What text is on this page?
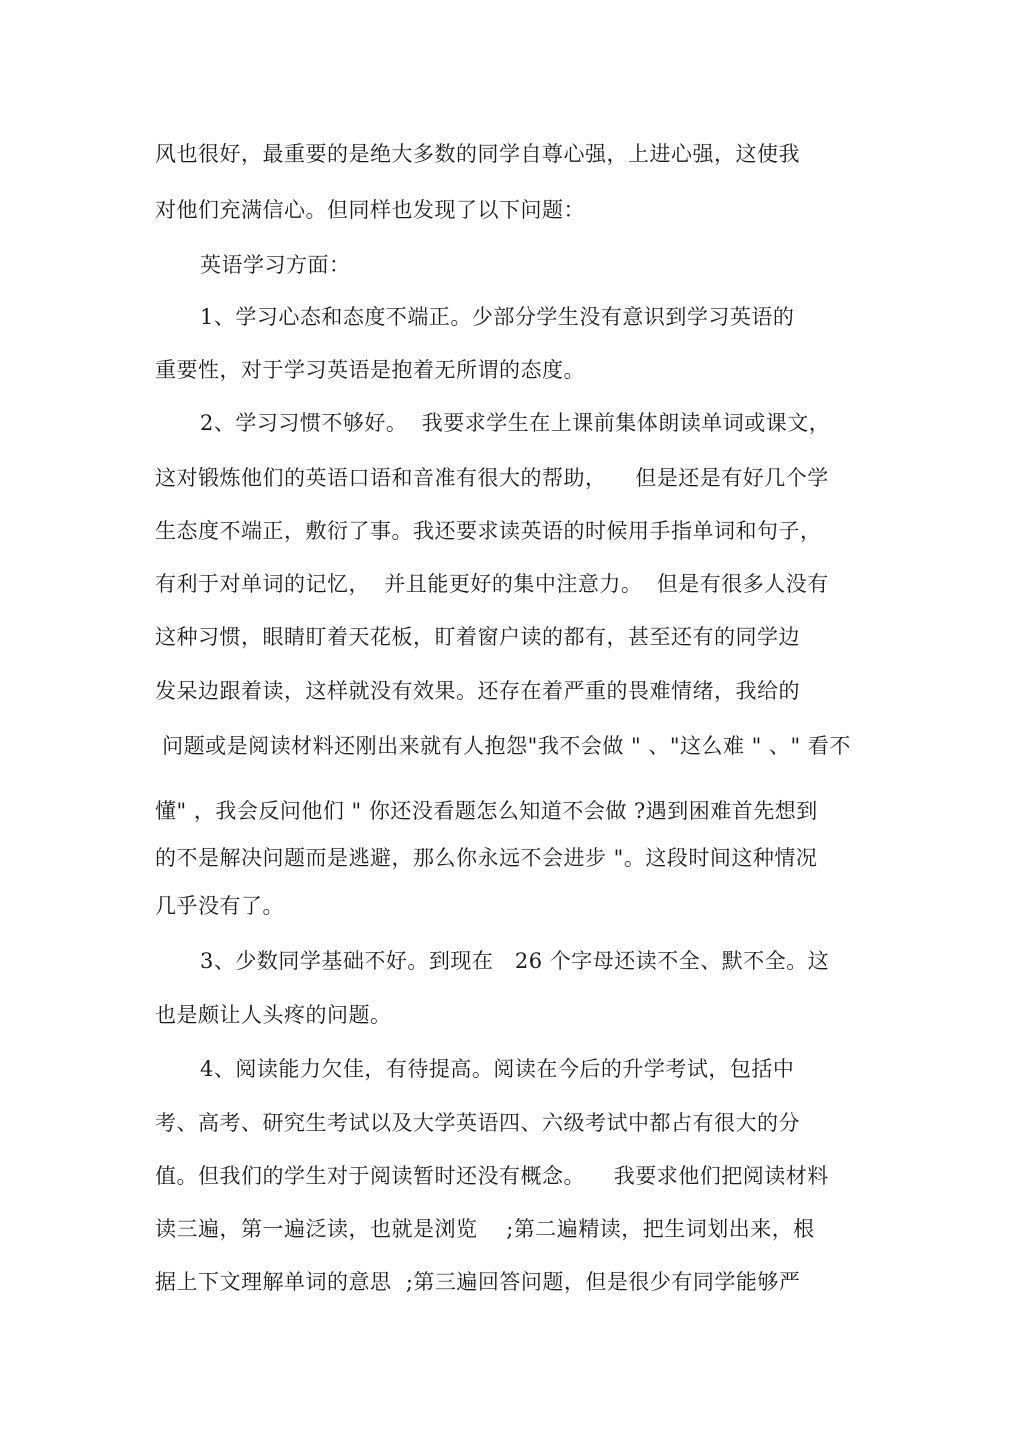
风也很好，最重要的是绝大多数的同学自尊心强，上进心强，这使我
对他们充满信心。但同样也发现了以下问题：
英语学习方面：
1、学习心态和态度不端正。少部分学生没有意识到学习英语的
重要性，对于学习英语是抱着无所谓的态度。
2、学习习惯不够好。  我要求学生在上课前集体朗读单词或课文，
这对锻炼他们的英语口语和音准有很大的帮助，    但是还是有好几个学
生态度不端正，敷衍了事。我还要求读英语的时候用手指单词和句子，
有利于对单词的记忆，  并且能更好的集中注意力。  但是有很多人没有
这种习惯，眼睛盯着天花板，盯着窗户读的都有，甚至还有的同学边
发呆边跟着读，这样就没有效果。还存在着严重的畏难情绪，我给的
问题或是阅读材料还刚出来就有人抱怨"我不会做 " 、"这么难 " 、" 看不
懂" ，我会反问他们 " 你还没看题怎么知道不会做 ?遇到困难首先想到
的不是解决问题而是逃避，那么你永远不会进步 "。这段时间这种情况
几乎没有了。
3、少数同学基础不好。到现在   26 个字母还读不全、默不全。这
也是颇让人头疼的问题。
4、阅读能力欠佳，有待提高。阅读在今后的升学考试，包括中
考、高考、研究生考试以及大学英语四、六级考试中都占有很大的分
值。但我们的学生对于阅读暂时还没有概念。    我要求他们把阅读材料
读三遍，第一遍泛读，也就是浏览    ;第二遍精读，把生词划出来，根
据上下文理解单词的意思  ;第三遍回答问题，但是很少有同学能够严
